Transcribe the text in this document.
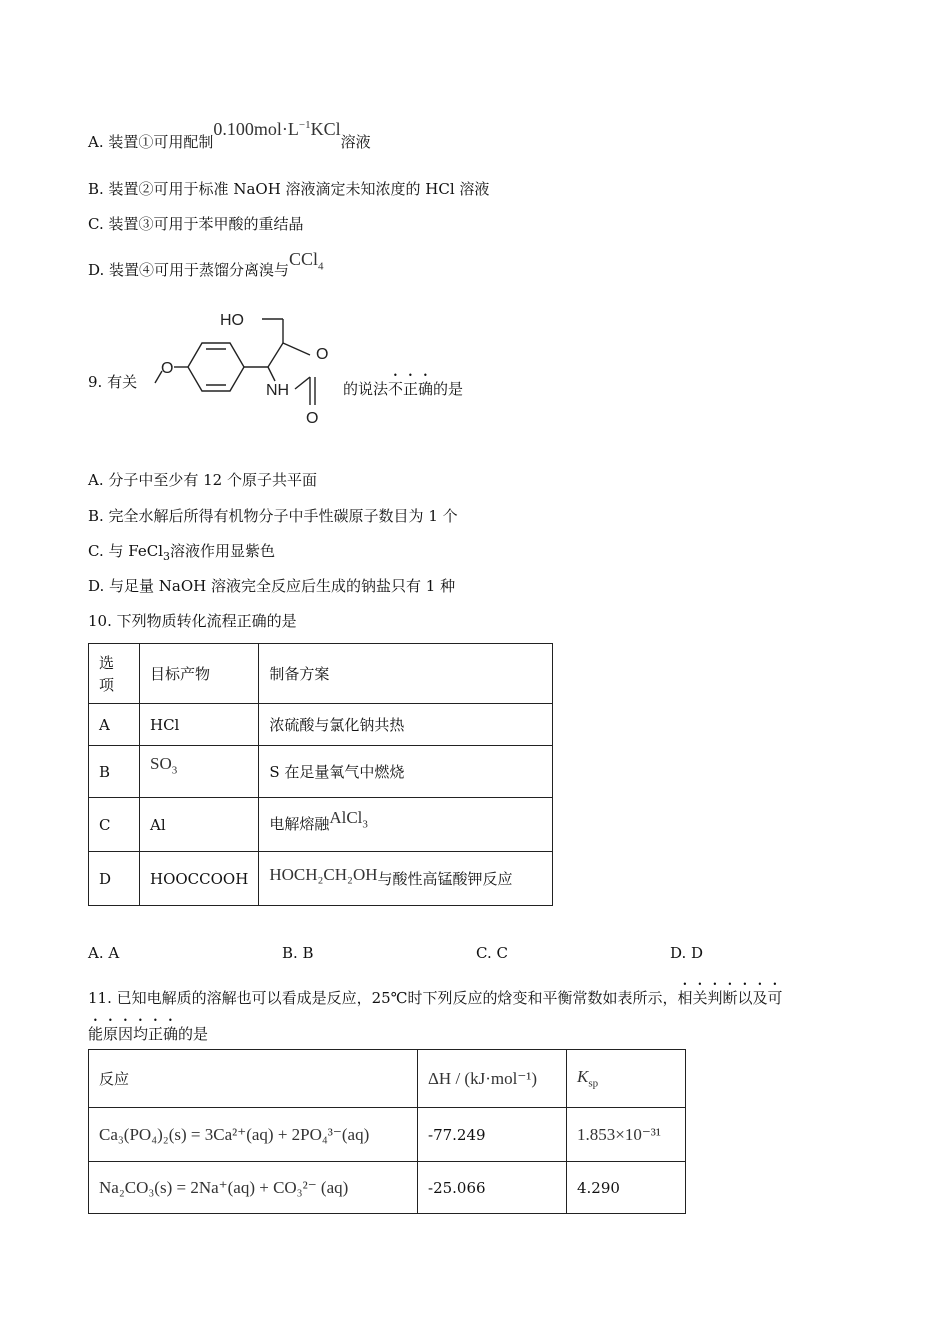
A. 装置①可用配制$0.100mol\cdot L^{-1}KCl$溶液
B. 装置②可用于标准 NaOH 溶液滴定未知浓度的 HCl 溶液
C. 装置③可用于苯甲酸的重结晶
D. 装置④可用于蒸馏分离溴与CCl$_4$
9. 有关
HO
O
O
NH
O
的说法不正确的是
A. 分子中至少有 12 个原子共平面
B. 完全水解后所得有机物分子中手性碳原子数目为 1 个
C. 与 FeCl$_3$溶液作用显紫色
D. 与足量 NaOH 溶液完全反应后生成的钠盐只有 1 种
10. 下列物质转化流程正确的是
选
项	目标产物	制备方案
A	HCl	浓硫酸与氯化钠共热
B	$SO_3$	S 在足量氧气中燃烧
C	Al	电解熔融AlCl$_3$
D	HOOCCOOH	HOCH₂CH₂OH与酸性高锰酸钾反应
A. A	B. B	C. C	D. D
11. 已知电解质的溶解也可以看成是反应，25℃时下列反应的焓变和平衡常数如表所示，相关判断以及可
能原因均正确的是
反应	ΔH / (kJ·mol⁻¹)	$K_{sp}$
Ca₃(PO₄)₂(s) = 3Ca²⁺(aq) + 2PO₄³⁻(aq)	-77.249	1.853×10⁻³¹
Na₂CO₃(s) = 2Na⁺(aq) + CO₃²⁻ (aq)	-25.066	4.290
